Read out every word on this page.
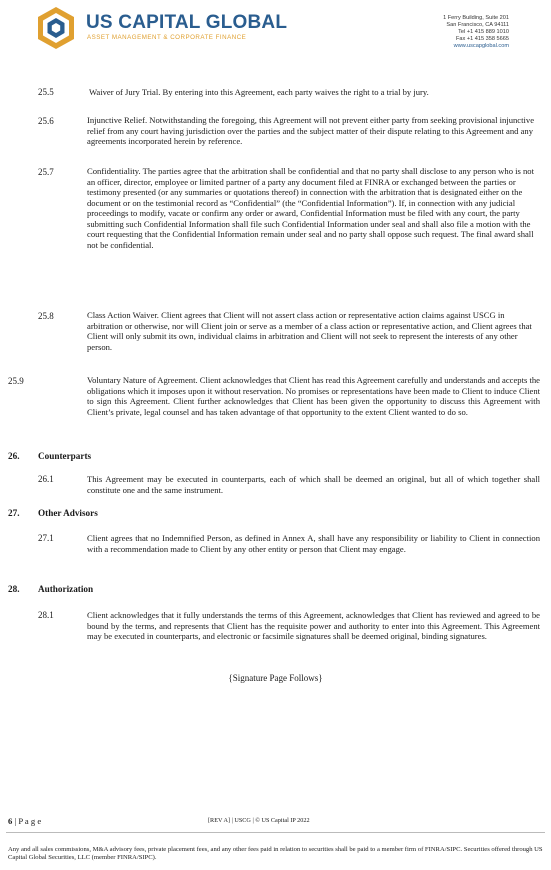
US CAPITAL GLOBAL
ASSET MANAGEMENT & CORPORATE FINANCE
1 Ferry Building, Suite 201
San Francisco, CA 94111
Tel +1 415 889 1010
Fax +1 415 358 5665
www.uscapglobal.com
25.5	Waiver of Jury Trial. By entering into this Agreement, each party waives the right to a trial by jury.
25.6	Injunctive Relief. Notwithstanding the foregoing, this Agreement will not prevent either party from seeking provisional injunctive relief from any court having jurisdiction over the parties and the subject matter of their dispute relating to this Agreement and any agreements incorporated herein by reference.
25.7	Confidentiality. The parties agree that the arbitration shall be confidential and that no party shall disclose to any person who is not an officer, director, employee or limited partner of a party any document filed at FINRA or exchanged between the parties or testimony presented (or any summaries or quotations thereof) in connection with the arbitration that is designated either on the document or on the testimonial record as “Confidential” (the “Confidential Information”). If, in connection with any judicial proceedings to modify, vacate or confirm any order or award, Confidential Information must be filed with any court, the party submitting such Confidential Information shall file such Confidential Information under seal and shall also file a motion with the court requesting that the Confidential Information remain under seal and no party shall oppose such request. The final award shall not be confidential.
25.8	Class Action Waiver. Client agrees that Client will not assert class action or representative action claims against USCG in arbitration or otherwise, nor will Client join or serve as a member of a class action or representative action, and Client agrees that Client will only submit its own, individual claims in arbitration and Client will not seek to represent the interests of any other person.
25.9	Voluntary Nature of Agreement. Client acknowledges that Client has read this Agreement carefully and understands and accepts the obligations which it imposes upon it without reservation. No promises or representations have been made to Client to induce Client to sign this Agreement. Client further acknowledges that Client has been given the opportunity to discuss this Agreement with Client’s private, legal counsel and has taken advantage of that opportunity to the extent Client wanted to do so.
26. Counterparts
26.1	This Agreement may be executed in counterparts, each of which shall be deemed an original, but all of which together shall constitute one and the same instrument.
27. Other Advisors
27.1	Client agrees that no Indemnified Person, as defined in Annex A, shall have any responsibility or liability to Client in connection with a recommendation made to Client by any other entity or person that Client may engage.
28. Authorization
28.1	Client acknowledges that it fully understands the terms of this Agreement, acknowledges that Client has reviewed and agreed to be bound by the terms, and represents that Client has the requisite power and authority to enter into this Agreement. This Agreement may be executed in counterparts, and electronic or facsimile signatures shall be deemed original, binding signatures.
{Signature Page Follows}
6 | P a g e	[REV A] | USCG | © US Capital IP 2022
Any and all sales commissions, M&A advisory fees, private placement fees, and any other fees paid in relation to securities shall be paid to a member firm of FINRA/SIPC. Securities offered through US Capital Global Securities, LLC (member FINRA/SIPC).
